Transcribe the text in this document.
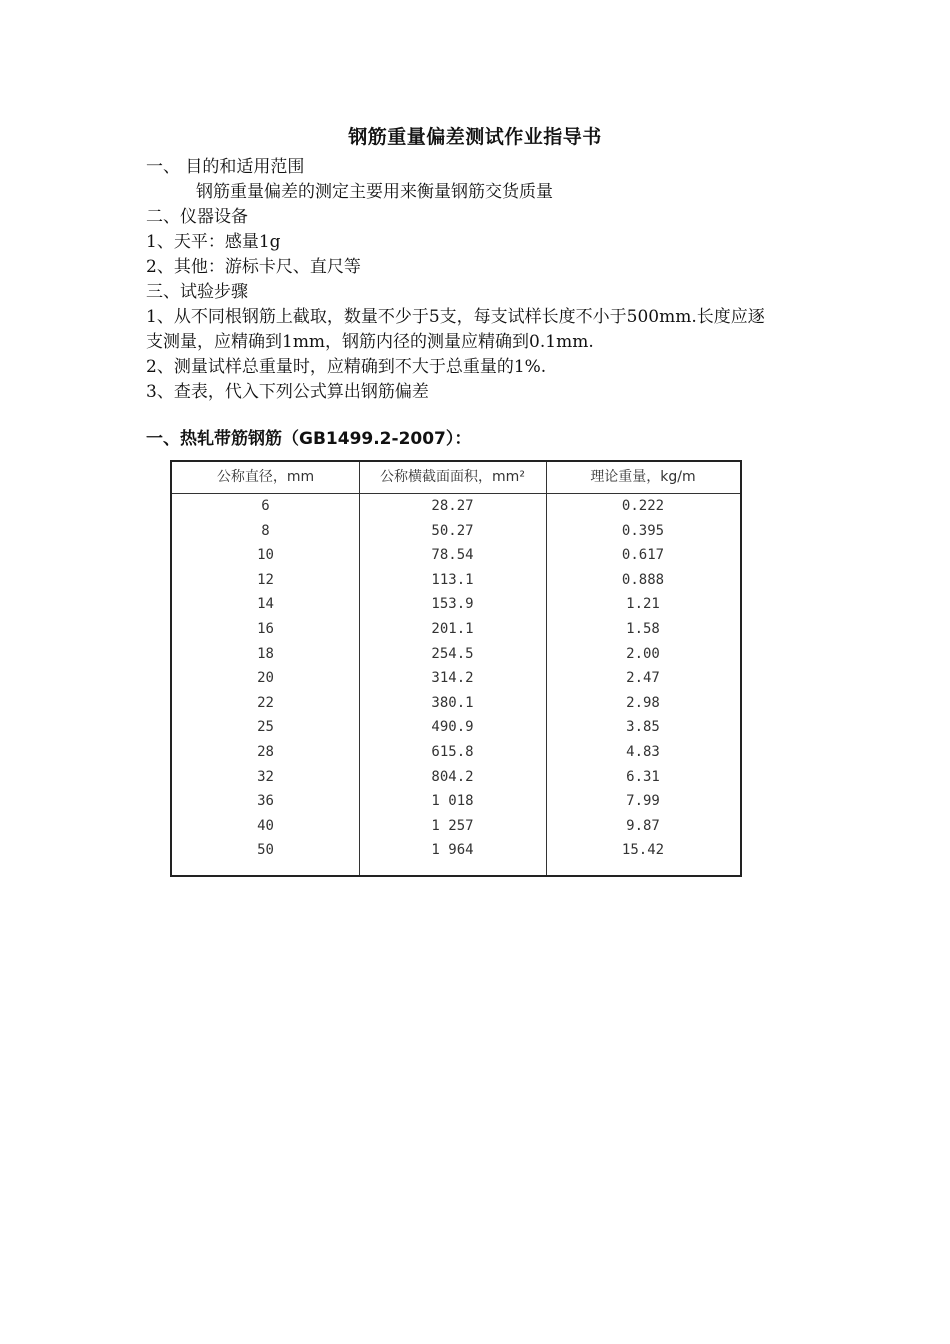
钢筋重量偏差测试作业指导书
一、 目的和适用范围
钢筋重量偏差的测定主要用来衡量钢筋交货质量
二、仪器设备
1、天平：感量1g
2、其他：游标卡尺、直尺等
三、试验步骤
1、从不同根钢筋上截取，数量不少于5支，每支试样长度不小于500mm.长度应逐
支测量，应精确到1mm，钢筋内径的测量应精确到0.1mm.
2、测量试样总重量时，应精确到不大于总重量的1%.
3、查表，代入下列公式算出钢筋偏差
一、热轧带筋钢筋（GB1499.2-2007）：
公称直径，mm	公称横截面面积，mm²	理论重量，kg/m
6	28.27	0.222
8	50.27	0.395
10	78.54	0.617
12	113.1	0.888
14	153.9	1.21
16	201.1	1.58
18	254.5	2.00
20	314.2	2.47
22	380.1	2.98
25	490.9	3.85
28	615.8	4.83
32	804.2	6.31
36	1 018	7.99
40	1 257	9.87
50	1 964	15.42
